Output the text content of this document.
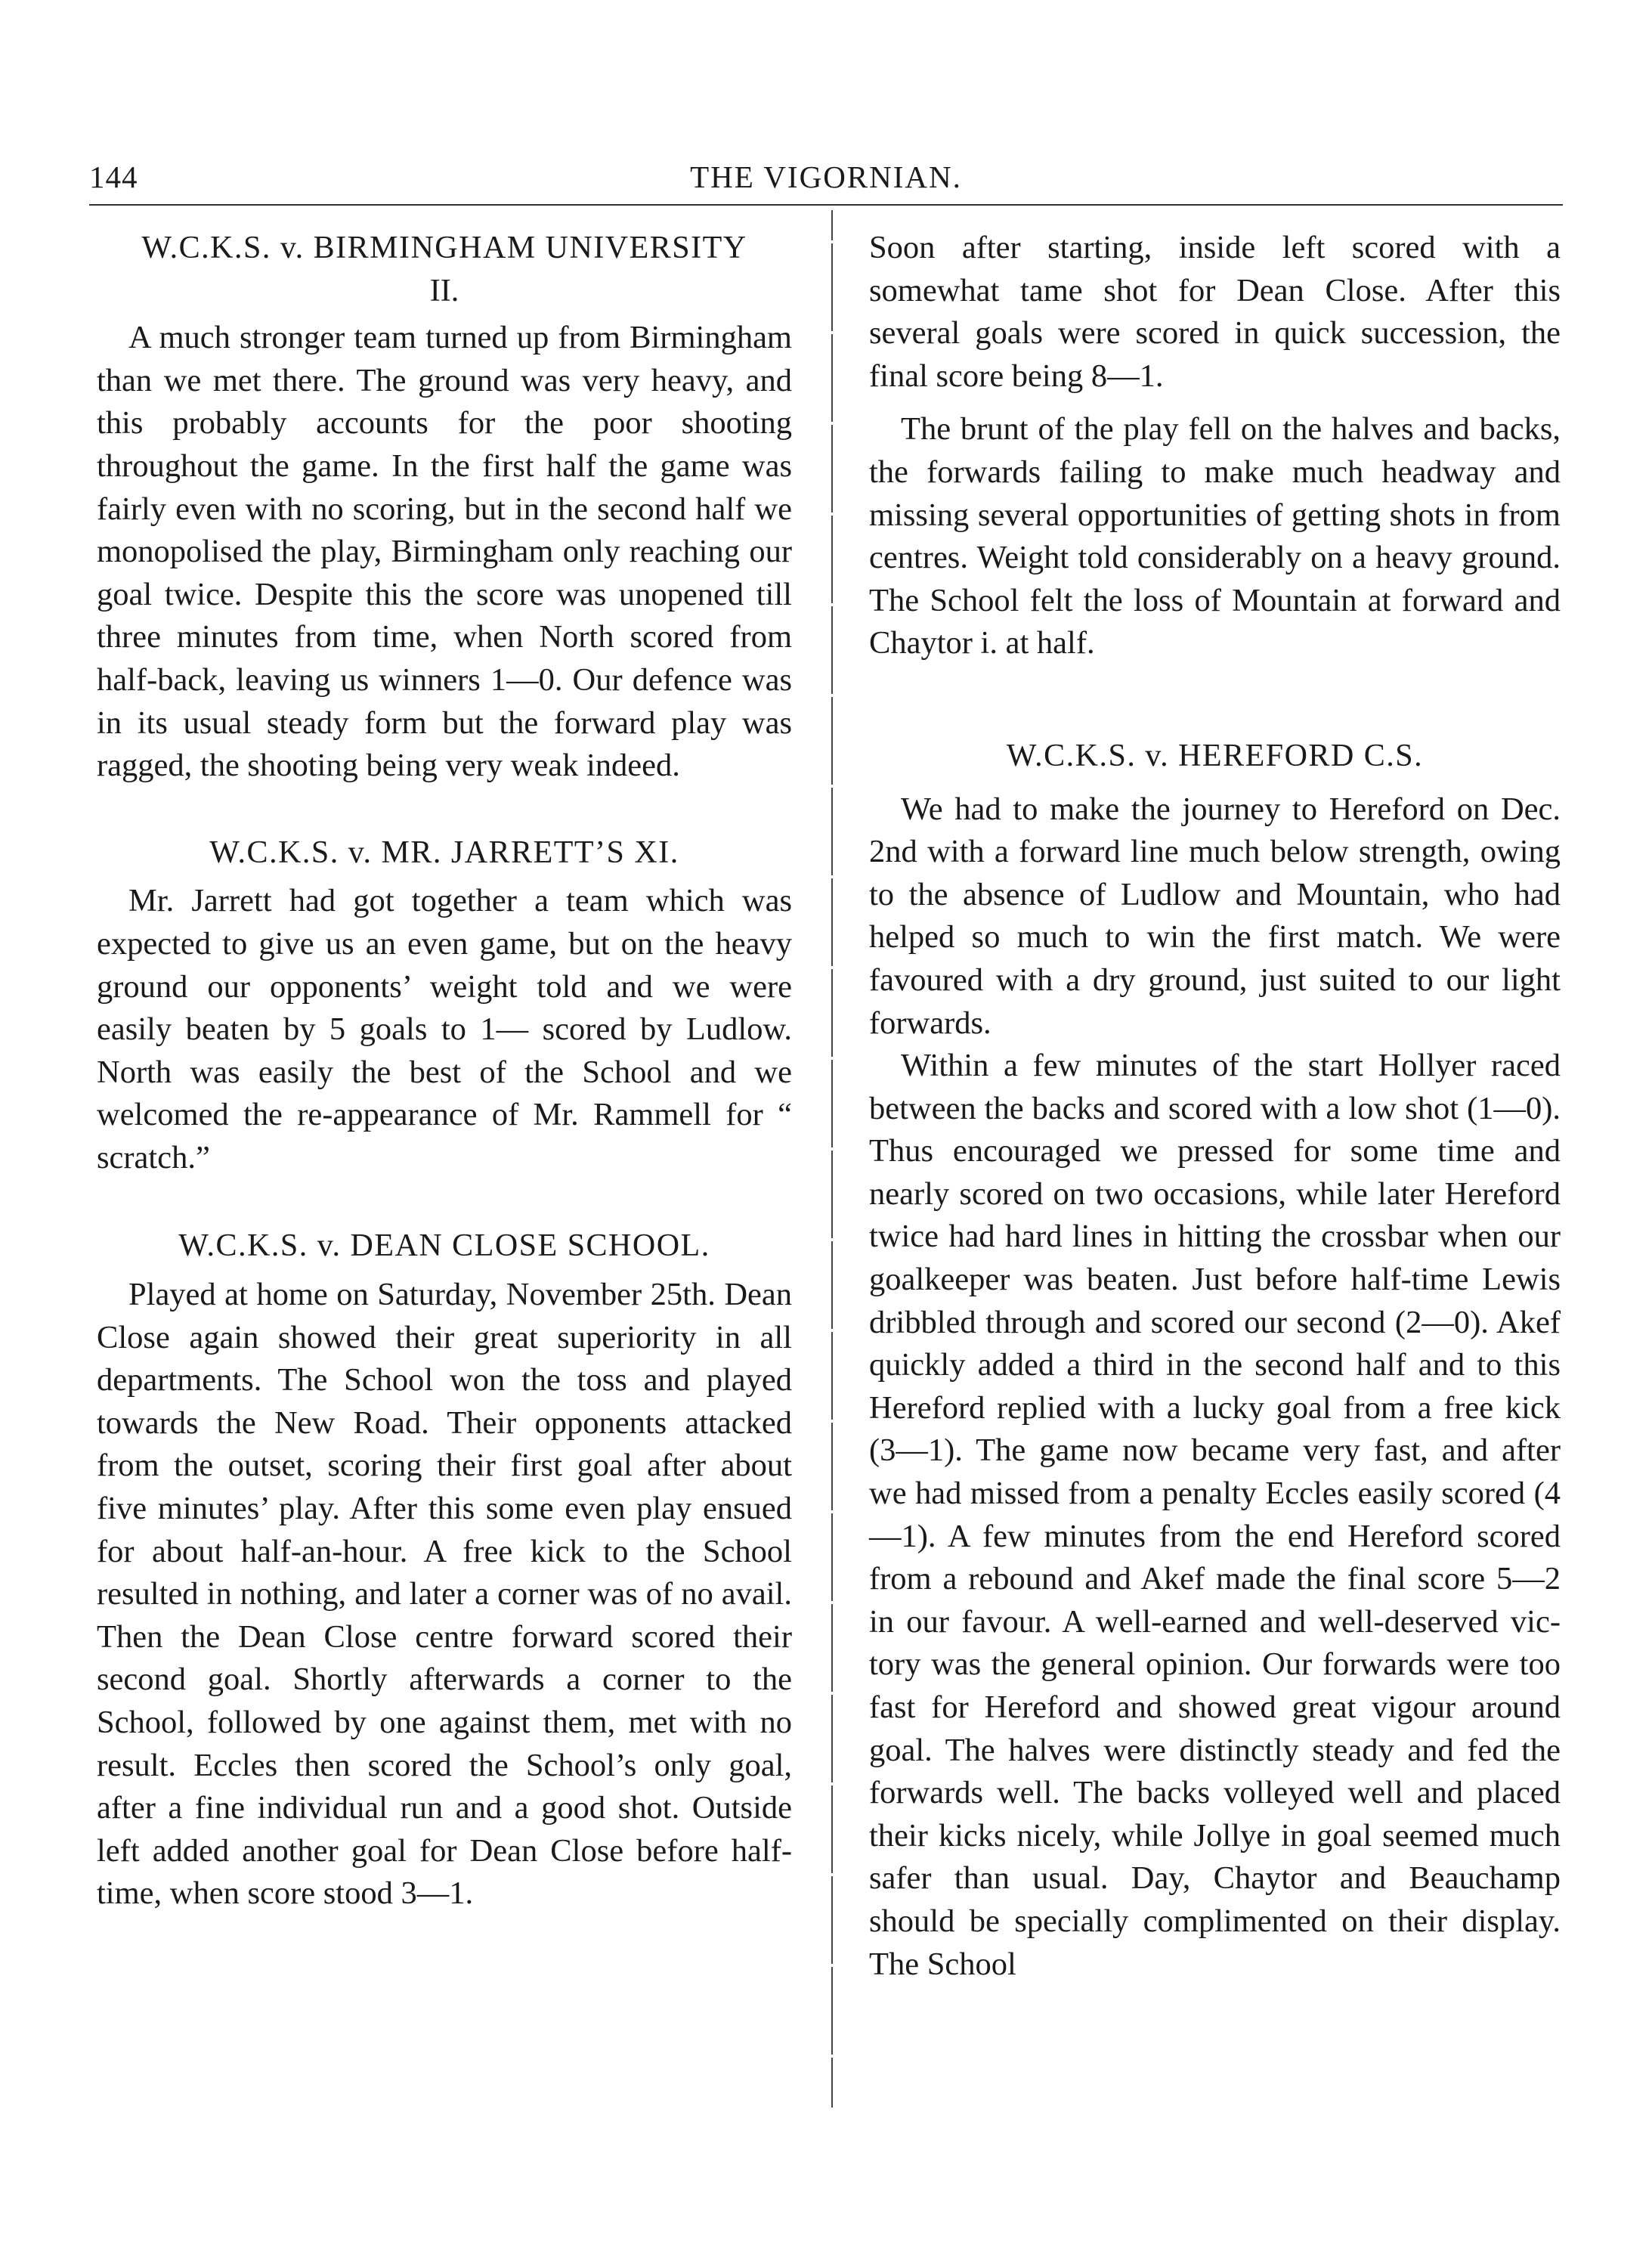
144	THE VIGORNIAN.
W.C.K.S. v. BIRMINGHAM UNIVERSITY
II.

A much stronger team turned up from Birmingham than we met there. The ground was very heavy, and this probably accounts for the poor shooting throughout the game. In the first half the game was fairly even with no scoring, but in the second half we monopolised the play, Birmingham only reaching our goal twice. Despite this the score was unopened till three minutes from time, when North scored from half-back, leaving us winners 1—0. Our defence was in its usual steady form but the forward play was ragged, the shooting being very weak indeed.

W.C.K.S. v. MR. JARRETT’S XI.

Mr. Jarrett had got together a team which was expected to give us an even game, but on the heavy ground our opponents’ weight told and we were easily beaten by 5 goals to 1— scored by Ludlow. North was easily the best of the School and we welcomed the re-appearance of Mr. Rammell for “ scratch.”

W.C.K.S. v. DEAN CLOSE SCHOOL.

Played at home on Saturday, November 25th. Dean Close again showed their great superiority in all departments. The School won the toss and played towards the New Road. Their opponents attacked from the outset, scoring their first goal after about five minutes’ play. After this some even play ensued for about half-an-hour. A free kick to the School resulted in nothing, and later a corner was of no avail. Then the Dean Close centre forward scored their second goal. Shortly afterwards a corner to the School, followed by one against them, met with no result. Eccles then scored the School’s only goal, after a fine individual run and a good shot. Outside left added another goal for Dean Close before half-time, when score stood 3—1.

Soon after starting, inside left scored with a somewhat tame shot for Dean Close. After this several goals were scored in quick succession, the final score being 8—1.

The brunt of the play fell on the halves and backs, the forwards failing to make much headway and missing several opportunities of getting shots in from centres. Weight told considerably on a heavy ground. The School felt the loss of Mountain at forward and Chaytor i. at half.

W.C.K.S. v. HEREFORD C.S.

We had to make the journey to Hereford on Dec. 2nd with a forward line much below strength, owing to the absence of Ludlow and Mountain, who had helped so much to win the first match. We were favoured with a dry ground, just suited to our light forwards.

Within a few minutes of the start Hollyer raced between the backs and scored with a low shot (1—0). Thus encouraged we pressed for some time and nearly scored on two occasions, while later Hereford twice had hard lines in hitting the crossbar when our goalkeeper was beaten. Just before half-time Lewis dribbled through and scored our second (2—0). Akef quickly added a third in the second half and to this Hereford replied with a lucky goal from a free kick (3—1). The game now became very fast, and after we had missed from a penalty Eccles easily scored (4—1). A few minutes from the end Hereford scored from a rebound and Akef made the final score 5—2 in our favour. A well-earned and well-deserved victory was the general opinion. Our forwards were too fast for Hereford and showed great vigour around goal. The halves were distinctly steady and fed the forwards well. The backs volleyed well and placed their kicks nicely, while Jollye in goal seemed much safer than usual. Day, Chaytor and Beauchamp should be specially complimented on their display. The School
